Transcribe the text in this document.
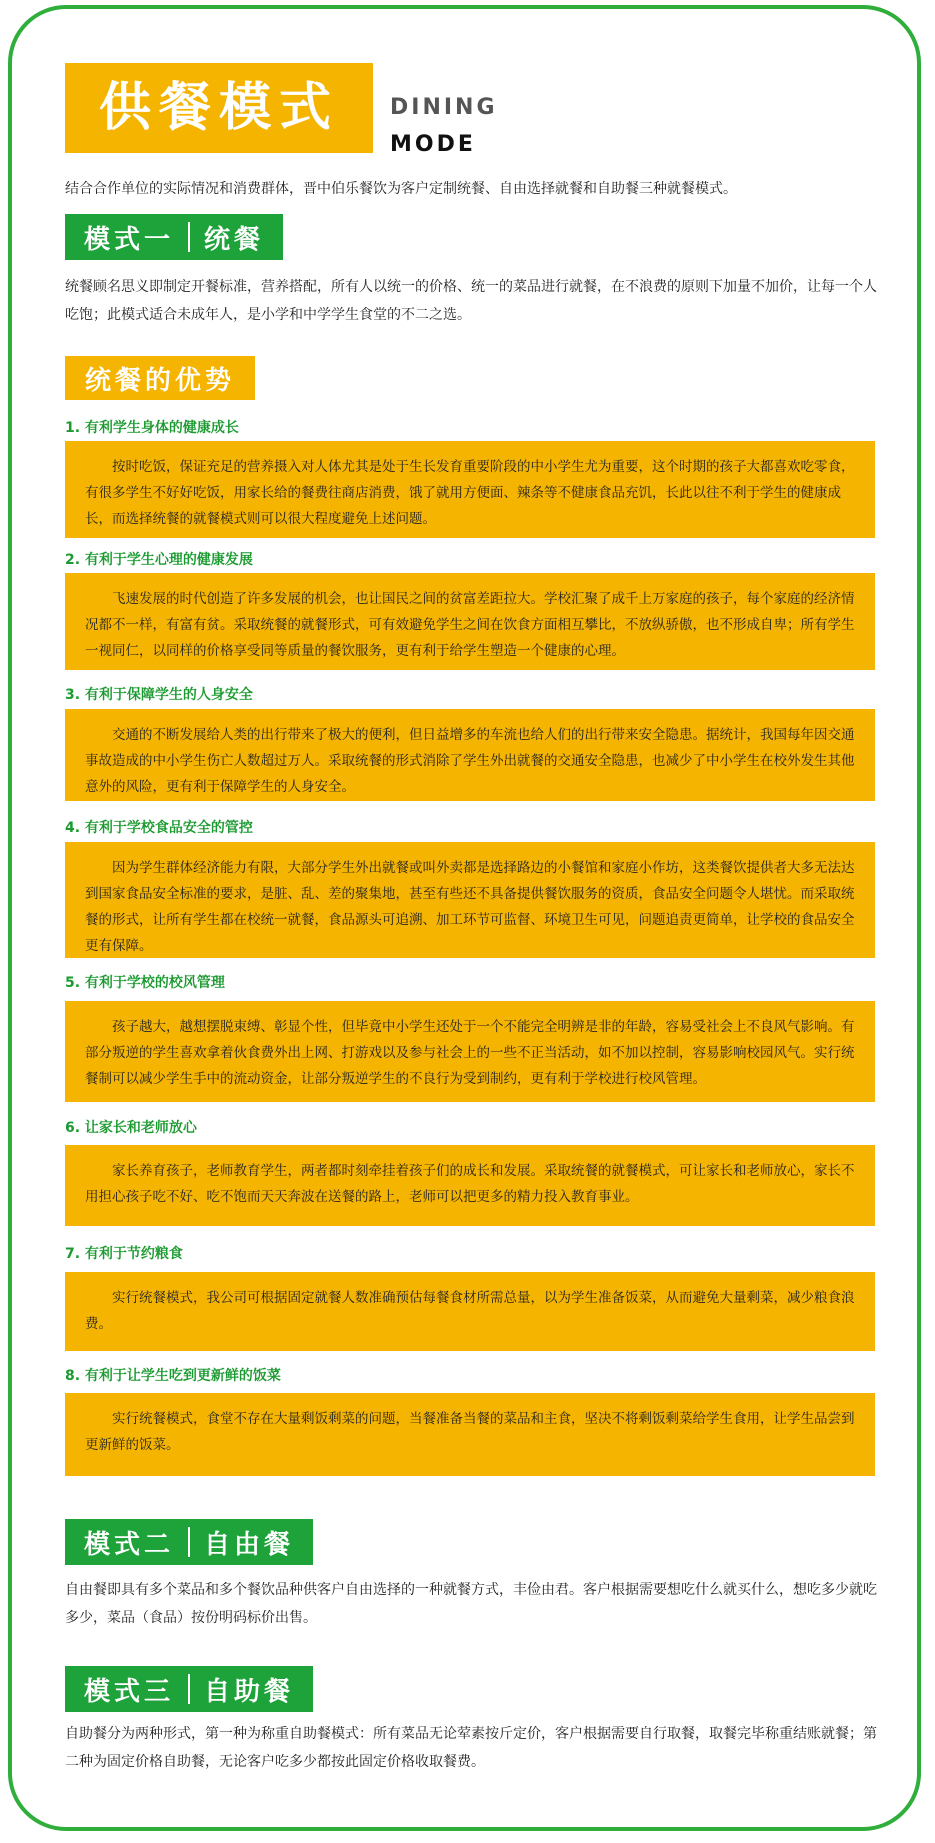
供餐模式	DINING
MODE
结合合作单位的实际情况和消费群体，晋中伯乐餐饮为客户定制统餐、自由选择就餐和自助餐三种就餐模式。
模式一 统餐
统餐顾名思义即制定开餐标准，营养搭配，所有人以统一的价格、统一的菜品进行就餐，在不浪费的原则下加量不加价，让每一个人吃饱；此模式适合未成年人，是小学和中学学生食堂的不二之选。
统餐的优势
1. 有利学生身体的健康成长
按时吃饭，保证充足的营养摄入对人体尤其是处于生长发育重要阶段的中小学生尤为重要，这个时期的孩子大都喜欢吃零食，有很多学生不好好吃饭，用家长给的餐费往商店消费，饿了就用方便面、辣条等不健康食品充饥，长此以往不利于学生的健康成长，而选择统餐的就餐模式则可以很大程度避免上述问题。
2. 有利于学生心理的健康发展
飞速发展的时代创造了许多发展的机会，也让国民之间的贫富差距拉大。学校汇聚了成千上万家庭的孩子，每个家庭的经济情况都不一样，有富有贫。采取统餐的就餐形式，可有效避免学生之间在饮食方面相互攀比，不放纵骄傲，也不形成自卑；所有学生一视同仁，以同样的价格享受同等质量的餐饮服务，更有利于给学生塑造一个健康的心理。
3. 有利于保障学生的人身安全
交通的不断发展给人类的出行带来了极大的便利，但日益增多的车流也给人们的出行带来安全隐患。据统计，我国每年因交通事故造成的中小学生伤亡人数超过万人。采取统餐的形式消除了学生外出就餐的交通安全隐患，也减少了中小学生在校外发生其他意外的风险，更有利于保障学生的人身安全。
4. 有利于学校食品安全的管控
因为学生群体经济能力有限，大部分学生外出就餐或叫外卖都是选择路边的小餐馆和家庭小作坊，这类餐饮提供者大多无法达到国家食品安全标准的要求，是脏、乱、差的聚集地，甚至有些还不具备提供餐饮服务的资质，食品安全问题令人堪忧。而采取统餐的形式，让所有学生都在校统一就餐，食品源头可追溯、加工环节可监督、环境卫生可见，问题追责更简单，让学校的食品安全更有保障。
5. 有利于学校的校风管理
孩子越大，越想摆脱束缚、彰显个性，但毕竟中小学生还处于一个不能完全明辨是非的年龄，容易受社会上不良风气影响。有部分叛逆的学生喜欢拿着伙食费外出上网、打游戏以及参与社会上的一些不正当活动，如不加以控制，容易影响校园风气。实行统餐制可以减少学生手中的流动资金，让部分叛逆学生的不良行为受到制约，更有利于学校进行校风管理。
6. 让家长和老师放心
家长养育孩子，老师教育学生，两者都时刻牵挂着孩子们的成长和发展。采取统餐的就餐模式，可让家长和老师放心，家长不用担心孩子吃不好、吃不饱而天天奔波在送餐的路上，老师可以把更多的精力投入教育事业。
7. 有利于节约粮食
实行统餐模式，我公司可根据固定就餐人数准确预估每餐食材所需总量，以为学生准备饭菜，从而避免大量剩菜，减少粮食浪费。
8. 有利于让学生吃到更新鲜的饭菜
实行统餐模式，食堂不存在大量剩饭剩菜的问题，当餐准备当餐的菜品和主食，坚决不将剩饭剩菜给学生食用，让学生品尝到更新鲜的饭菜。
模式二 自由餐
自由餐即具有多个菜品和多个餐饮品种供客户自由选择的一种就餐方式，丰俭由君。客户根据需要想吃什么就买什么，想吃多少就吃多少，菜品（食品）按份明码标价出售。
模式三 自助餐
自助餐分为两种形式，第一种为称重自助餐模式：所有菜品无论荤素按斤定价，客户根据需要自行取餐，取餐完毕称重结账就餐；第二种为固定价格自助餐，无论客户吃多少都按此固定价格收取餐费。
